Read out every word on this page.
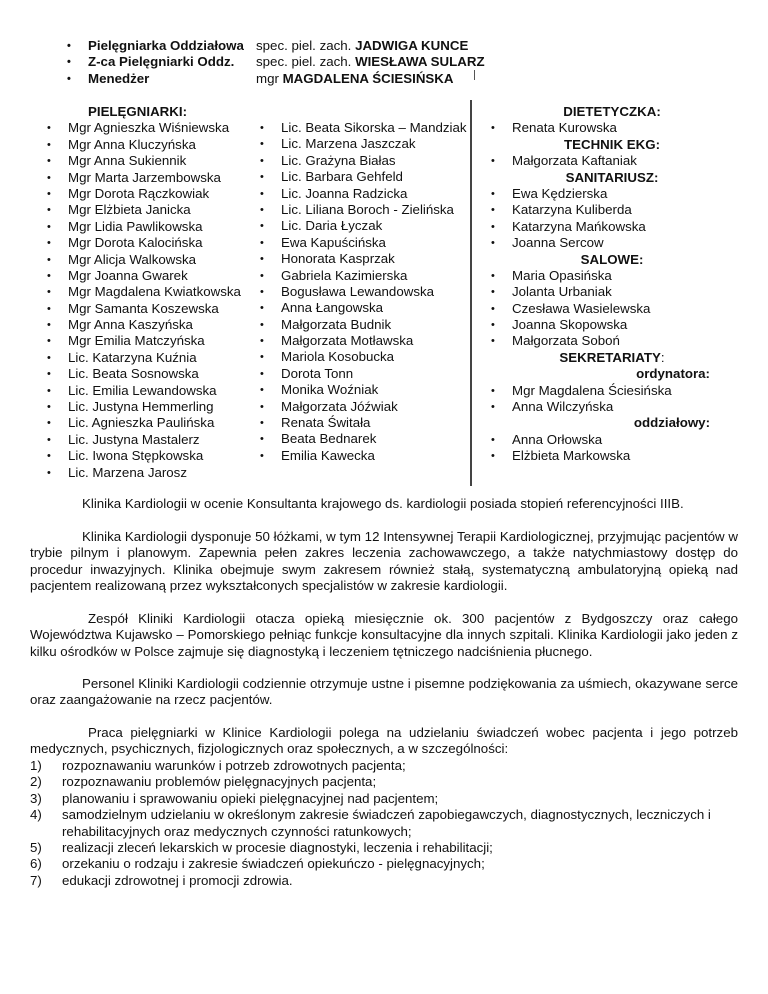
• Pielęgniarka Oddziałowa
• Z-ca Pielęgniarki Oddz.
• Menedżer
spec. piel. zach. JADWIGA KUNCE
spec. piel. zach. WIESŁAWA SULARZ
mgr MAGDALENA ŚCIESIŃSKA
PIELĘGNIARKI:
• Mgr Agnieszka Wiśniewska
• Mgr Anna Kluczyńska
• Mgr Anna Sukiennik
• Mgr Marta Jarzembowska
• Mgr Dorota Rączkowiak
• Mgr Elżbieta Janicka
• Mgr Lidia Pawlikowska
• Mgr Dorota Kalocińska
• Mgr Alicja Walkowska
• Mgr Joanna Gwarek
• Mgr Magdalena Kwiatkowska
• Mgr Samanta Koszewska
• Mgr Anna Kaszyńska
• Mgr Emilia Matczyńska
• Lic. Katarzyna Kuźnia
• Lic. Beata Sosnowska
• Lic. Emilia Lewandowska
• Lic. Justyna Hemmerling
• Lic. Agnieszka Paulińska
• Lic. Justyna Mastalerz
• Lic. Iwona Stępkowska
• Lic. Marzena Jarosz
• Lic. Beata Sikorska – Mandziak
• Lic. Marzena Jaszczak
• Lic. Grażyna Białas
• Lic. Barbara Gehfeld
• Lic. Joanna Radzicka
• Lic. Liliana Boroch - Zielińska
• Lic. Daria Łyczak
• Ewa Kapuścińska
• Honorata Kasprzak
• Gabriela Kazimierska
• Bogusława Lewandowska
• Anna Łangowska
• Małgorzata Budnik
• Małgorzata Motławska
• Mariola Kosobucka
• Dorota Tonn
• Monika Woźniak
• Małgorzata Jóźwiak
• Renata Świtała
• Beata Bednarek
• Emilia Kawecka
DIETETYCZKA:
• Renata Kurowska
TECHNIK EKG:
• Małgorzata Kaftaniak
SANITARIUSZ:
• Ewa Kędzierska
• Katarzyna Kuliberda
• Katarzyna Mańkowska
• Joanna Sercow
SALOWE:
• Maria Opasińska
• Jolanta Urbaniak
• Czesława Wasielewska
• Joanna Skopowska
• Małgorzata Soboń
SEKRETARIATY:
ordynatora:
• Mgr Magdalena Ściesińska
• Anna Wilczyńska
oddziałowy:
• Anna Orłowska
• Elżbieta Markowska
Klinika Kardiologii w ocenie Konsultanta krajowego ds. kardiologii posiada stopień referencyjności IIIB.
Klinika Kardiologii dysponuje 50 łóżkami, w tym 12 Intensywnej Terapii Kardiologicznej, przyjmując pacjentów w trybie pilnym i planowym. Zapewnia pełen zakres leczenia zachowawczego, a także natychmiastowy dostęp do procedur inwazyjnych. Klinika obejmuje swym zakresem również stałą, systematyczną ambulatoryjną opieką nad pacjentem realizowaną przez wykształconych specjalistów w zakresie kardiologii.
Zespół Kliniki Kardiologii otacza opieką miesięcznie ok. 300 pacjentów z Bydgoszczy oraz całego Województwa Kujawsko – Pomorskiego pełniąc funkcje konsultacyjne dla innych szpitali. Klinika Kardiologii jako jeden z kilku ośrodków w Polsce zajmuje się diagnostyką i leczeniem tętniczego nadciśnienia płucnego.
Personel Kliniki Kardiologii codziennie otrzymuje ustne i pisemne podziękowania za uśmiech, okazywane serce oraz zaangażowanie na rzecz pacjentów.
Praca pielęgniarki w Klinice Kardiologii polega na udzielaniu świadczeń wobec pacjenta i jego potrzeb medycznych, psychicznych, fizjologicznych oraz społecznych, a w szczególności:
1) rozpoznawaniu warunków i potrzeb zdrowotnych pacjenta;
2) rozpoznawaniu problemów pielęgnacyjnych pacjenta;
3) planowaniu i sprawowaniu opieki pielęgnacyjnej nad pacjentem;
4) samodzielnym udzielaniu w określonym zakresie świadczeń zapobiegawczych, diagnostycznych, leczniczych i rehabilitacyjnych oraz medycznych czynności ratunkowych;
5) realizacji zleceń lekarskich w procesie diagnostyki, leczenia i rehabilitacji;
6) orzekaniu o rodzaju i zakresie świadczeń opiekuńczo - pielęgnacyjnych;
7) edukacji zdrowotnej i promocji zdrowia.
